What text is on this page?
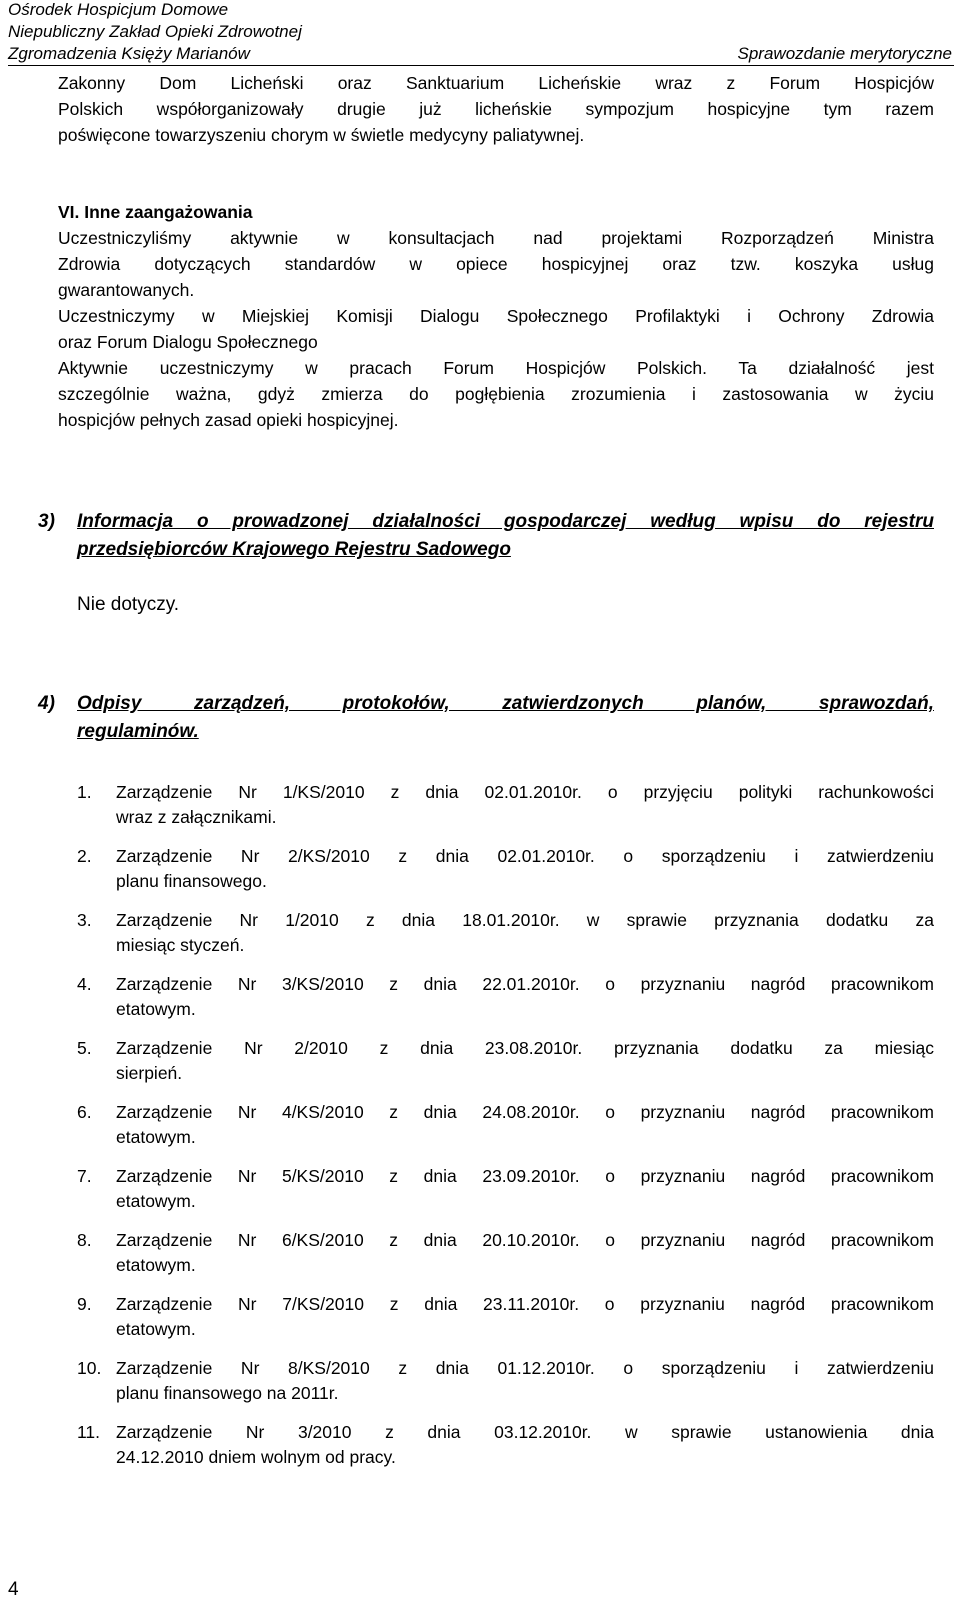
Ośrodek Hospicjum Domowe
Niepubliczny Zakład Opieki Zdrowotnej
Zgromadzenia Księży Marianów	Sprawozdanie merytoryczne
Zakonny Dom Licheński oraz Sanktuarium Licheńskie wraz z Forum Hospicjów
Polskich współorganizowały drugie już licheńskie sympozjum hospicyjne tym razem
poświęcone towarzyszeniu chorym w świetle medycyny paliatywnej.
VI. Inne zaangażowania
Uczestniczyliśmy aktywnie w konsultacjach nad projektami Rozporządzeń Ministra
Zdrowia dotyczących standardów w opiece hospicyjnej oraz tzw. koszyka usług
gwarantowanych.
Uczestniczymy w Miejskiej Komisji Dialogu Społecznego Profilaktyki i Ochrony Zdrowia
oraz Forum Dialogu Społecznego
Aktywnie uczestniczymy w pracach Forum Hospicjów Polskich. Ta działalność jest
szczególnie ważna, gdyż zmierza do pogłębienia zrozumienia i zastosowania w życiu
hospicjów pełnych zasad opieki hospicyjnej.
3) Informacja o prowadzonej działalności gospodarczej według wpisu do rejestru
przedsiębiorców Krajowego Rejestru Sadowego
Nie dotyczy.
4) Odpisy zarządzeń, protokołów, zatwierdzonych planów, sprawozdań,
regulaminów.
1. Zarządzenie Nr 1/KS/2010 z dnia 02.01.2010r. o przyjęciu polityki rachunkowości
wraz z załącznikami.
2. Zarządzenie Nr 2/KS/2010 z dnia 02.01.2010r. o sporządzeniu i zatwierdzeniu
planu finansowego.
3. Zarządzenie Nr 1/2010 z dnia 18.01.2010r. w sprawie przyznania dodatku za
miesiąc styczeń.
4. Zarządzenie Nr 3/KS/2010 z dnia 22.01.2010r. o przyznaniu nagród pracownikom
etatowym.
5. Zarządzenie Nr 2/2010 z dnia 23.08.2010r. przyznania dodatku za miesiąc
sierpień.
6. Zarządzenie Nr 4/KS/2010 z dnia 24.08.2010r. o przyznaniu nagród pracownikom
etatowym.
7. Zarządzenie Nr 5/KS/2010 z dnia 23.09.2010r. o przyznaniu nagród pracownikom
etatowym.
8. Zarządzenie Nr 6/KS/2010 z dnia 20.10.2010r. o przyznaniu nagród pracownikom
etatowym.
9. Zarządzenie Nr 7/KS/2010 z dnia 23.11.2010r. o przyznaniu nagród pracownikom
etatowym.
10. Zarządzenie Nr 8/KS/2010 z dnia 01.12.2010r. o sporządzeniu i zatwierdzeniu
planu finansowego na 2011r.
11. Zarządzenie Nr 3/2010 z dnia 03.12.2010r. w sprawie ustanowienia dnia
24.12.2010 dniem wolnym od pracy.
4
